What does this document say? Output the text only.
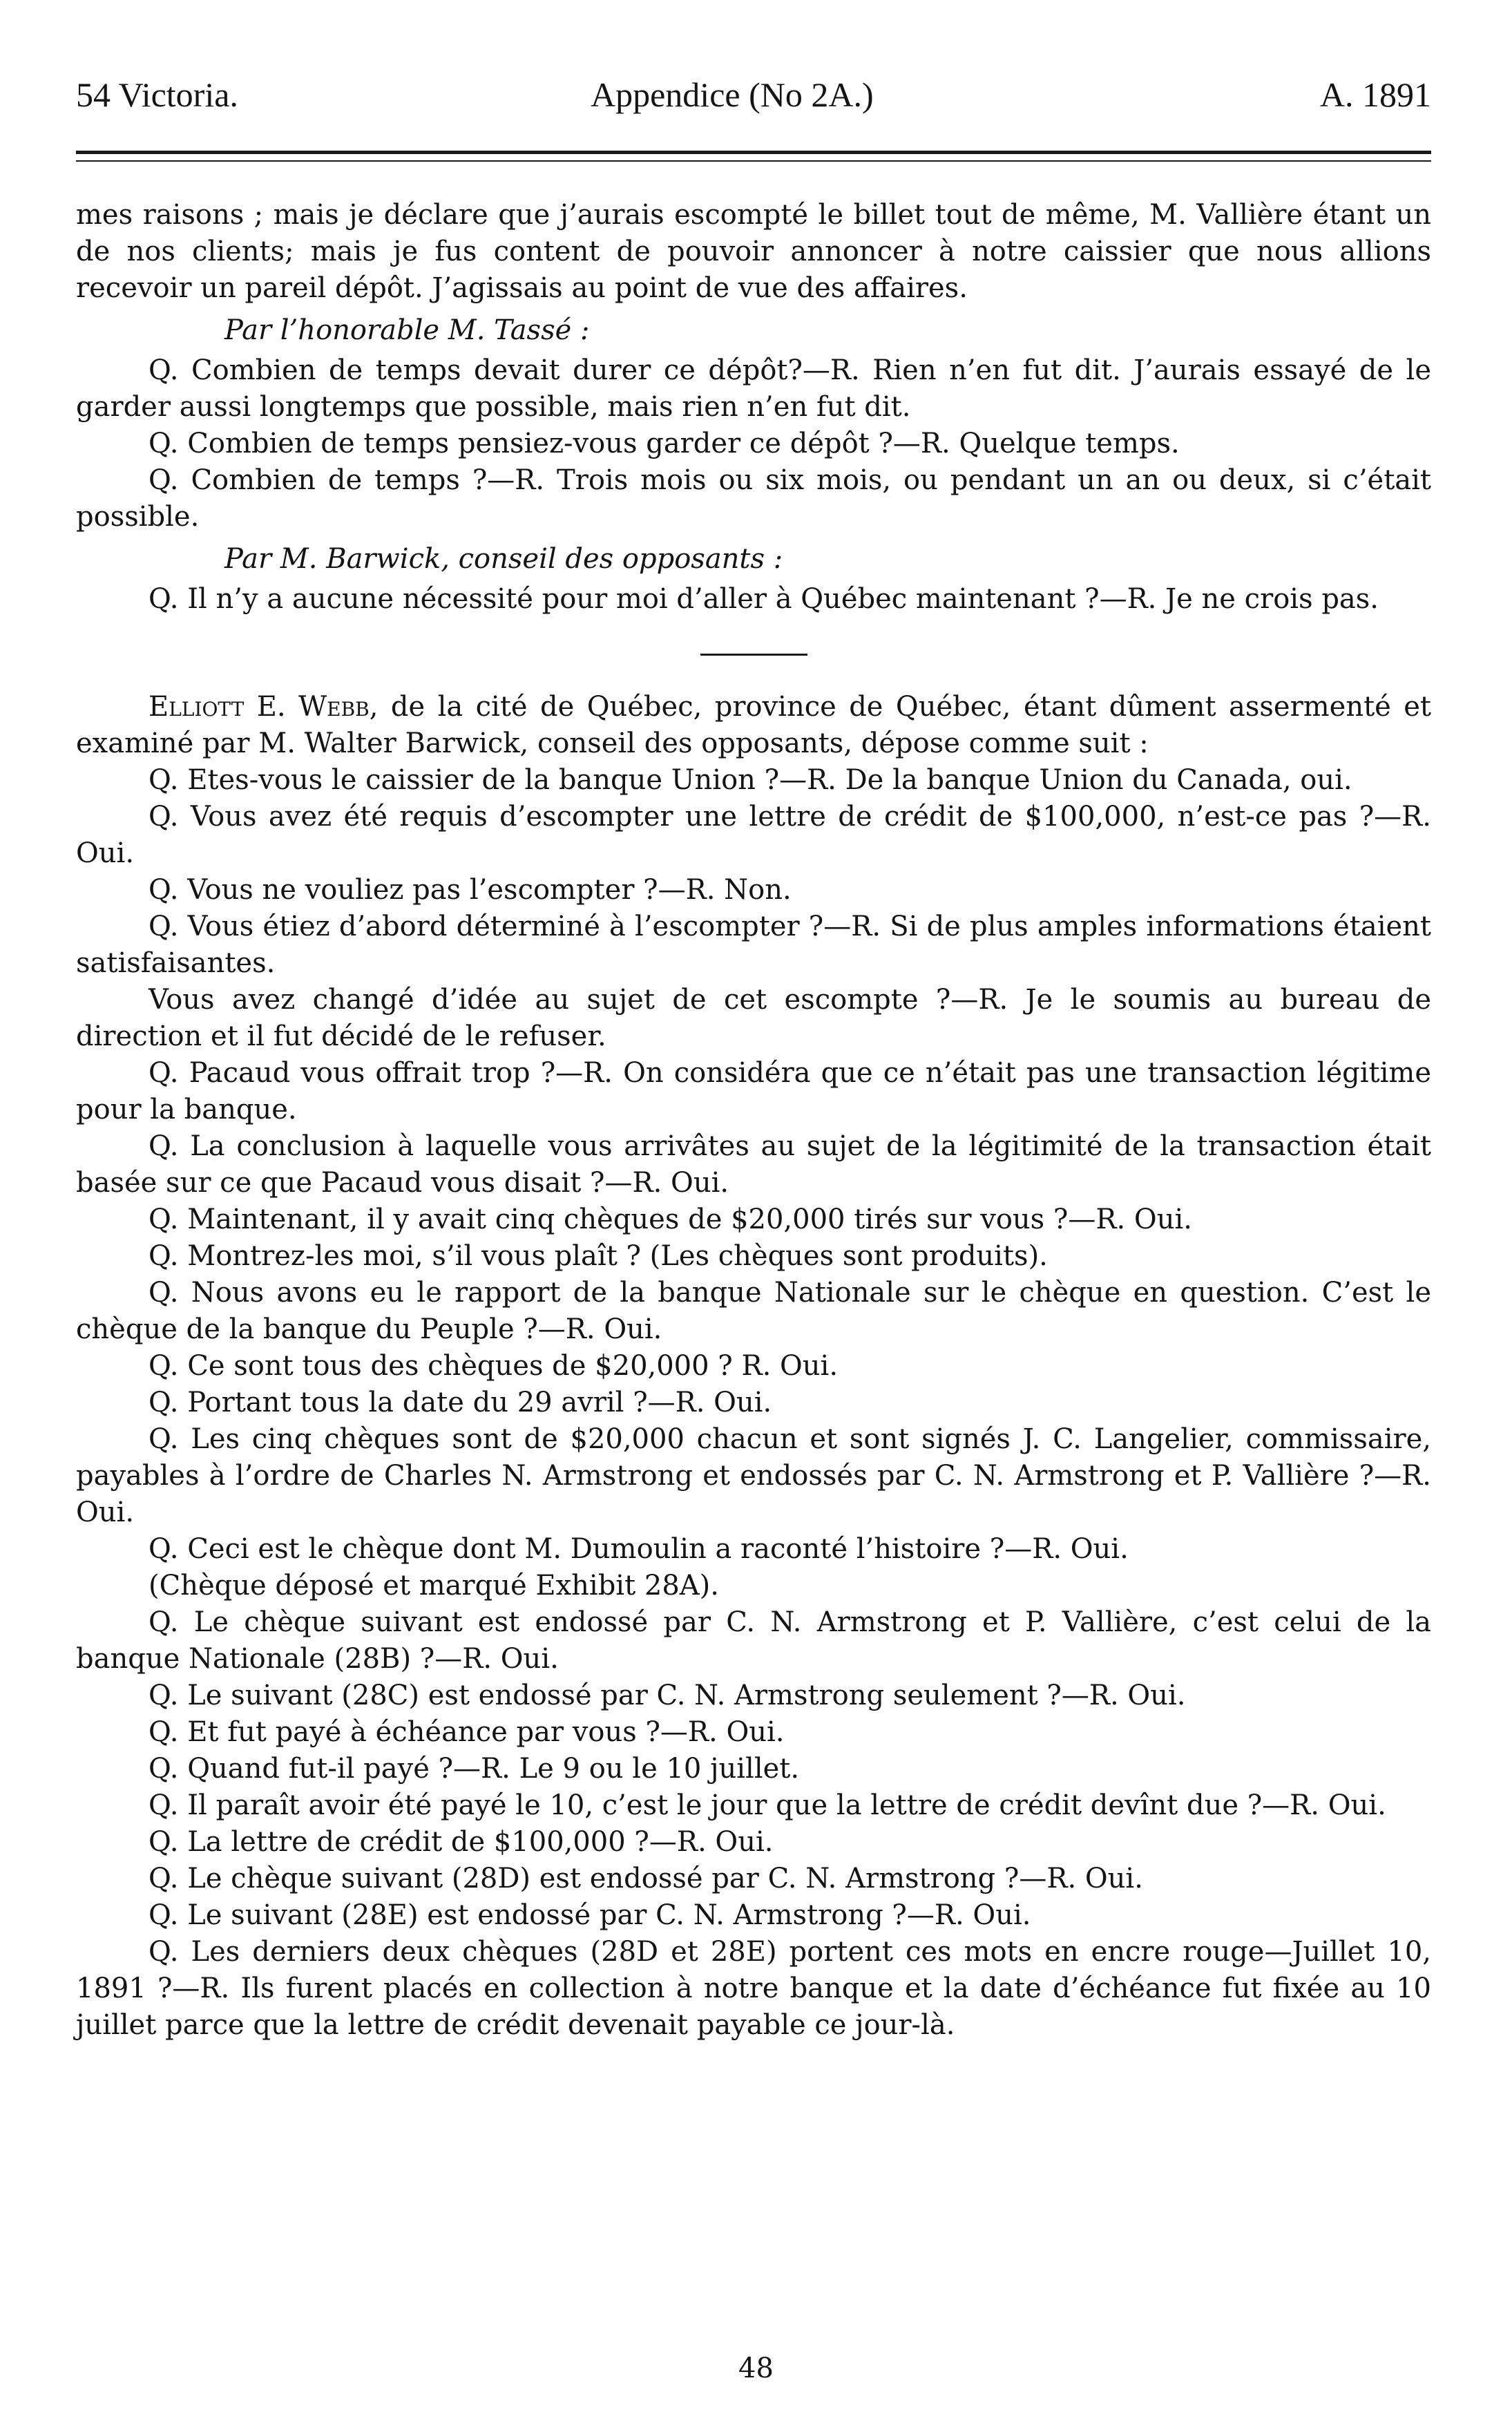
54 Victoria.	Appendice (No 2A.)	A. 1891

mes raisons ; mais je déclare que j’aurais escompté le billet tout de même, M. Vallière étant un de nos clients; mais je fus content de pouvoir annoncer à notre caissier que nous allions recevoir un pareil dépôt. J’agissais au point de vue des affaires.

Par l’honorable M. Tassé :

Q. Combien de temps devait durer ce dépôt?—R. Rien n’en fut dit. J’aurais essayé de le garder aussi longtemps que possible, mais rien n’en fut dit.

Q. Combien de temps pensiez-vous garder ce dépôt ?—R. Quelque temps.

Q. Combien de temps ?—R. Trois mois ou six mois, ou pendant un an ou deux, si c’était possible.

Par M. Barwick, conseil des opposants :

Q. Il n’y a aucune nécessité pour moi d’aller à Québec maintenant ?—R. Je ne crois pas.

Elliott E. Webb, de la cité de Québec, province de Québec, étant dûment assermenté et examiné par M. Walter Barwick, conseil des opposants, dépose comme suit :

Q. Etes-vous le caissier de la banque Union ?—R. De la banque Union du Canada, oui.

Q. Vous avez été requis d’escompter une lettre de crédit de $100,000, n’est-ce pas ?—R. Oui.

Q. Vous ne vouliez pas l’escompter ?—R. Non.

Q. Vous étiez d’abord déterminé à l’escompter ?—R. Si de plus amples informations étaient satisfaisantes.

Vous avez changé d’idée au sujet de cet escompte ?—R. Je le soumis au bureau de direction et il fut décidé de le refuser.

Q. Pacaud vous offrait trop ?—R. On considéra que ce n’était pas une transaction légitime pour la banque.

Q. La conclusion à laquelle vous arrivâtes au sujet de la légitimité de la transaction était basée sur ce que Pacaud vous disait ?—R. Oui.

Q. Maintenant, il y avait cinq chèques de $20,000 tirés sur vous ?—R. Oui.

Q. Montrez-les moi, s’il vous plaît ? (Les chèques sont produits).

Q. Nous avons eu le rapport de la banque Nationale sur le chèque en question. C’est le chèque de la banque du Peuple ?—R. Oui.

Q. Ce sont tous des chèques de $20,000 ? R. Oui.

Q. Portant tous la date du 29 avril ?—R. Oui.

Q. Les cinq chèques sont de $20,000 chacun et sont signés J. C. Langelier, commissaire, payables à l’ordre de Charles N. Armstrong et endossés par C. N. Armstrong et P. Vallière ?—R. Oui.

Q. Ceci est le chèque dont M. Dumoulin a raconté l’histoire ?—R. Oui.

(Chèque déposé et marqué Exhibit 28A).

Q. Le chèque suivant est endossé par C. N. Armstrong et P. Vallière, c’est celui de la banque Nationale (28B) ?—R. Oui.

Q. Le suivant (28C) est endossé par C. N. Armstrong seulement ?—R. Oui.

Q. Et fut payé à échéance par vous ?—R. Oui.

Q. Quand fut-il payé ?—R. Le 9 ou le 10 juillet.

Q. Il paraît avoir été payé le 10, c’est le jour que la lettre de crédit devînt due ?—R. Oui.

Q. La lettre de crédit de $100,000 ?—R. Oui.

Q. Le chèque suivant (28D) est endossé par C. N. Armstrong ?—R. Oui.

Q. Le suivant (28E) est endossé par C. N. Armstrong ?—R. Oui.

Q. Les derniers deux chèques (28D et 28E) portent ces mots en encre rouge—Juillet 10, 1891 ?—R. Ils furent placés en collection à notre banque et la date d’échéance fut fixée au 10 juillet parce que la lettre de crédit devenait payable ce jour-là.

48
